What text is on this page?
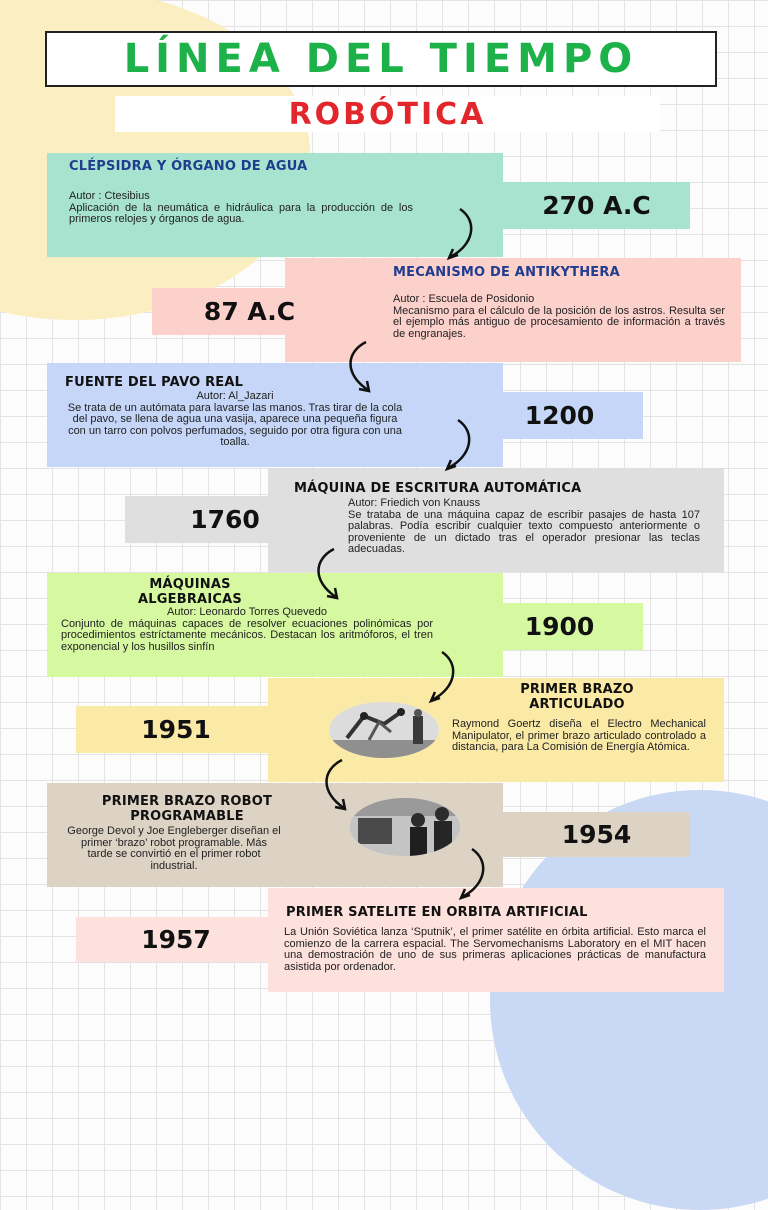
LÍNEA DEL TIEMPO
ROBÓTICA
CLÉPSIDRA Y ÓRGANO DE AGUA
Autor : Ctesibius
Aplicación de la neumática e hidráulica para la producción de los primeros relojes y órganos de agua.	270 A.C
MECANISMO DE ANTIKYTHERA
Autor : Escuela de Posidonio
Mecanismo para el cálculo de la posición de los astros. Resulta ser el ejemplo más antiguo de procesamiento de información a través de engranajes.
87 A.C
FUENTE DEL PAVO REAL
Autor: Al_Jazari
Se trata de un autómata para lavarse las manos. Tras tirar de la cola del pavo, se llena de agua una vasija, aparece una pequeña figura con un tarro con polvos perfumados, seguido por otra figura con una toalla.
1200
MÁQUINA DE ESCRITURA AUTOMÁTICA
Autor: Friedich von Knauss
Se trataba de una máquina capaz de escribir pasajes de hasta 107 palabras. Podía escribir cualquier texto compuesto anteriormente o proveniente de un dictado tras el operador presionar las teclas adecuadas.
1760
MÁQUINAS
ALGEBRAICAS
Autor: Leonardo Torres Quevedo
Conjunto de máquinas capaces de resolver ecuaciones polinómicas por procedimientos estríctamente mecánicos. Destacan los aritmóforos, el tren exponencial y los husillos sinfín
1900
PRIMER BRAZO
ARTICULADO
Raymond Goertz diseña el Electro Mechanical Manipulator, el primer brazo articulado controlado a distancia, para La Comisión de Energía Atómica.
1951
PRIMER BRAZO ROBOT
PROGRAMABLE
George Devol y Joe Engleberger diseñan el primer ‘brazo’ robot programable. Más tarde se convirtió en el primer robot industrial.
1954
PRIMER SATELITE EN ORBITA ARTIFICIAL
La Unión Soviética lanza ‘Sputnik’, el primer satélite en órbita artificial. Esto marca el comienzo de la carrera espacial. The Servomechanisms Laboratory en el MIT hacen una demostración de uno de sus primeras aplicaciones prácticas de manufactura asistida por ordenador.
1957
